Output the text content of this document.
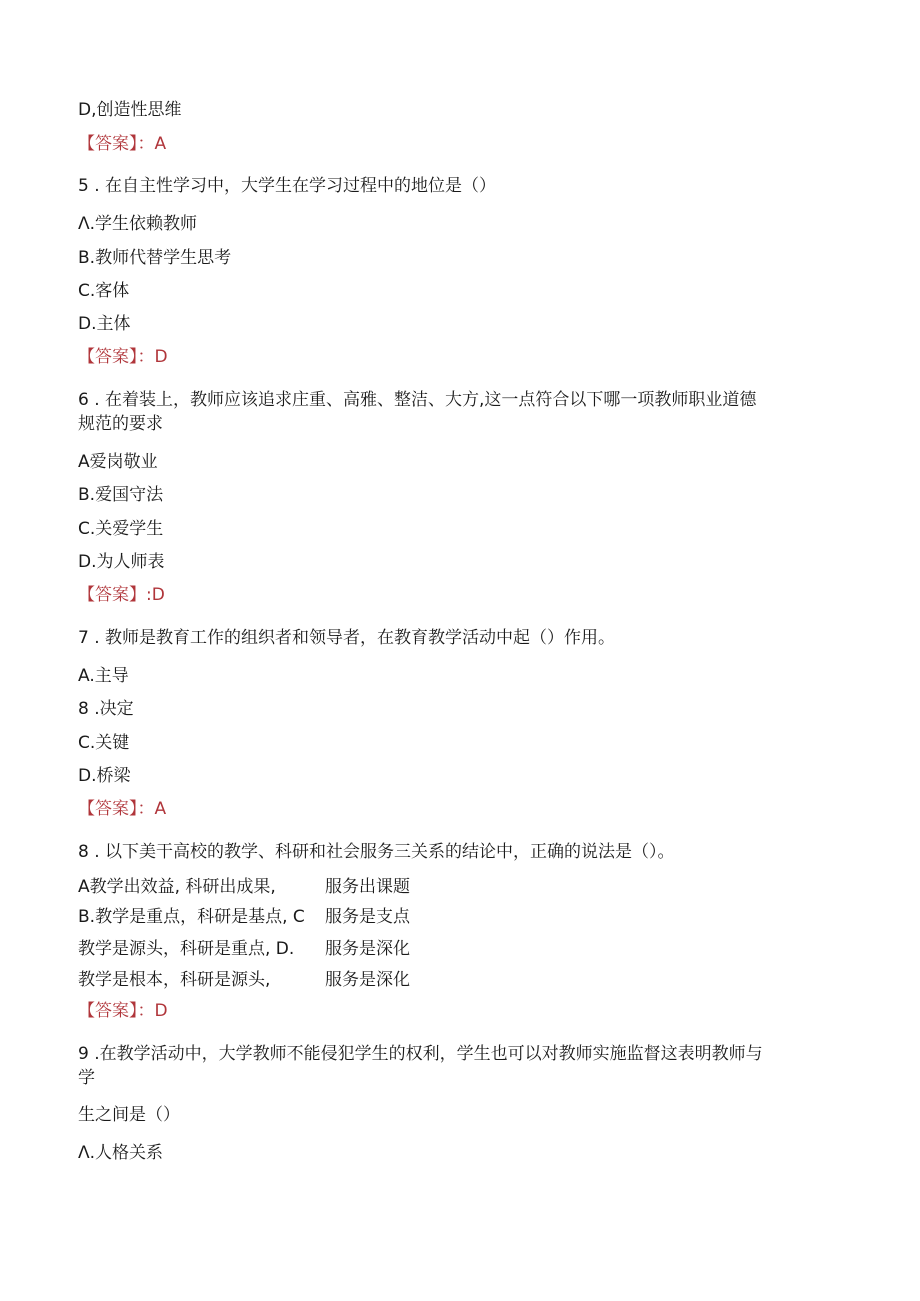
D,创造性思维
【答案】：A
5 . 在自主性学习中，大学生在学习过程中的地位是（）
Λ.学生依赖教师
B.教师代替学生思考
C.客体
D.主体
【答案】：D
6 . 在着装上，教师应该追求庄重、高雅、整洁、大方,这一点符合以下哪一项教师职业道德
规范的要求
A爱岗敬业
B.爱国守法
C.关爱学生
D.为人师表
【答案】:D
7 . 教师是教育工作的组织者和领导者，在教育教学活动中起（）作用。
A.主导
8 .决定
C.关键
D.桥梁
【答案】：A
8 . 以下美干高校的教学、科研和社会服务三关系的结论中，正确的说法是（）。
A教学出效益, 科研出成果,	服务出课题
B.教学是重点，科研是基点, C 服务是支点
教学是源头，科研是重点, D. 服务是深化
教学是根本，科研是源头,	服务是深化
【答案】：D
9 .在教学活动中，大学教师不能侵犯学生的权利，学生也可以对教师实施监督这表明教师与
学
生之间是（）
Λ.人格关系
